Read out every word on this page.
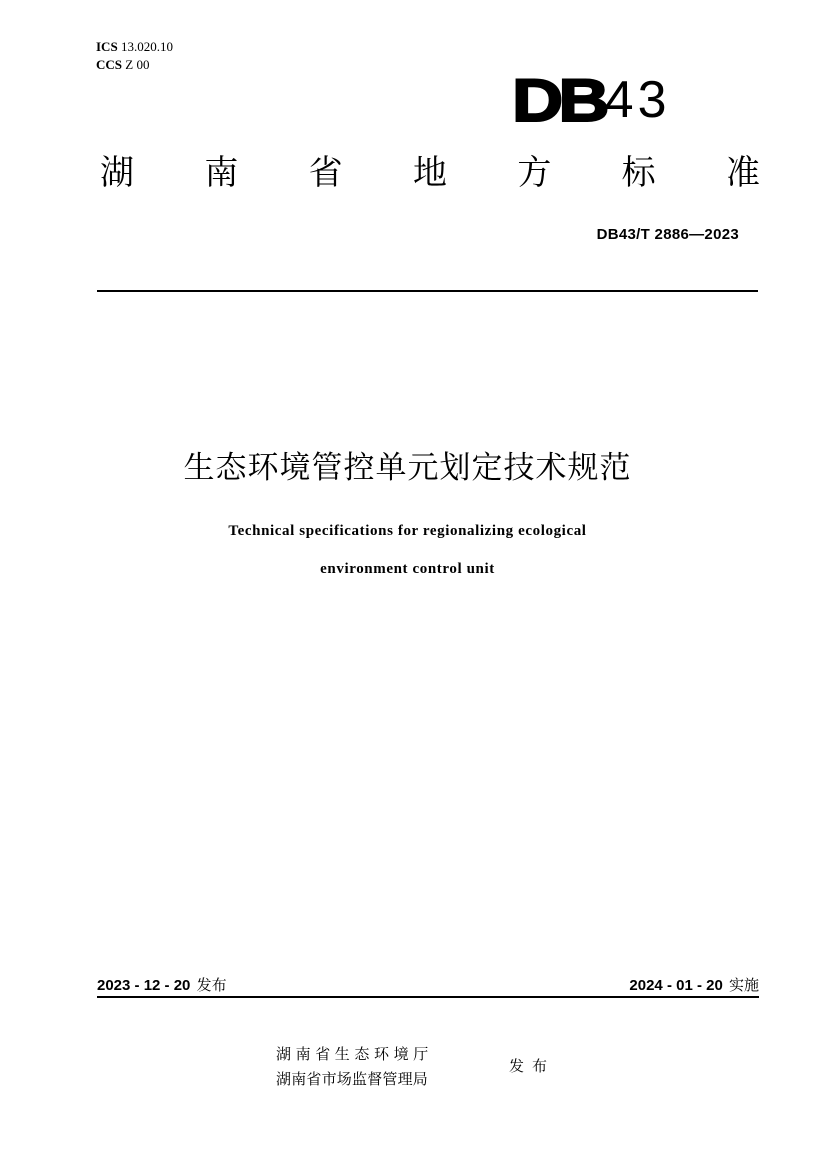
ICS 13.020.10
CCS Z 00
DB 43
湖 南 省 地 方 标 准
DB43/T 2886—2023
生态环境管控单元划定技术规范
Technical specifications for regionalizing ecological
environment control unit
2023 - 12 - 20 发布	2024 - 01 - 20 实施
湖南省生态环境厅
湖南省市场监督管理局
发布
